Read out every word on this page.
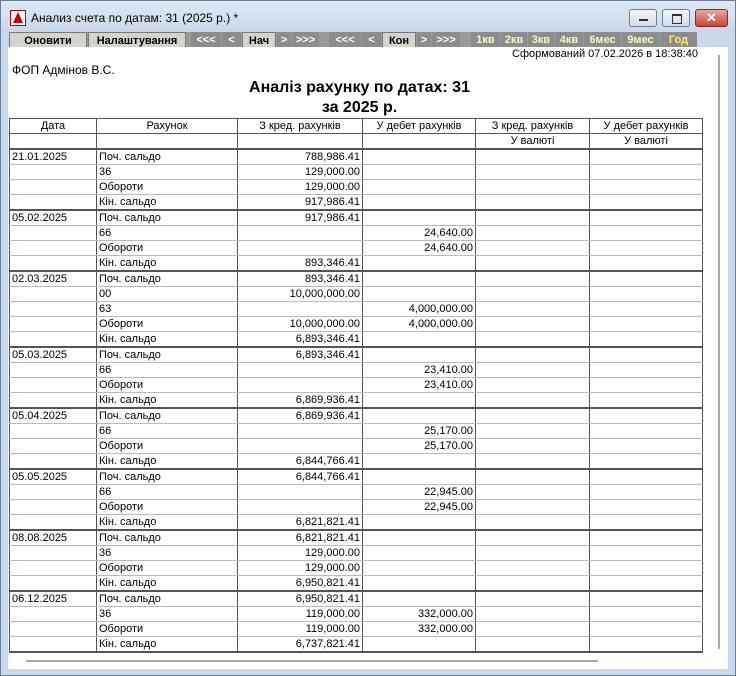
Анализ счета по датам: 31 (2025 р.) *	✕
Оновити	Налаштування	<<<	<	Нач	> >>>	<<<	<	Кон	> >>>	1кв 2кв 3кв 4кв	6мес	9мес	Год
Сформований 07.02.2026 в 18:38:40
ФОП Адмінов В.С.
Аналіз рахунку по датах: 31
за 2025 р.
Дата	Рахунок	З кред. рахунків	У дебет рахунків	З кред. рахунків	У дебет рахунків
				У валюті	У валюті
21.01.2025	Поч. сальдо	788,986.41			
	36	129,000.00			
	Обороти	129,000.00			
	Кін. сальдо	917,986.41			
05.02.2025	Поч. сальдо	917,986.41			
	66		24,640.00		
	Обороти		24,640.00		
	Кін. сальдо	893,346.41			
02.03.2025	Поч. сальдо	893,346.41			
	00	10,000,000.00			
	63		4,000,000.00		
	Обороти	10,000,000.00	4,000,000.00		
	Кін. сальдо	6,893,346.41			
05.03.2025	Поч. сальдо	6,893,346.41			
	66		23,410.00		
	Обороти		23,410.00		
	Кін. сальдо	6,869,936.41			
05.04.2025	Поч. сальдо	6,869,936.41			
	66		25,170.00		
	Обороти		25,170.00		
	Кін. сальдо	6,844,766.41			
05.05.2025	Поч. сальдо	6,844,766.41			
	66		22,945.00		
	Обороти		22,945.00		
	Кін. сальдо	6,821,821.41			
08.08.2025	Поч. сальдо	6,821,821.41			
	36	129,000.00			
	Обороти	129,000.00			
	Кін. сальдо	6,950,821.41			
06.12.2025	Поч. сальдо	6,950,821.41			
	36	119,000.00	332,000.00		
	Обороти	119,000.00	332,000.00		
	Кін. сальдо	6,737,821.41			
